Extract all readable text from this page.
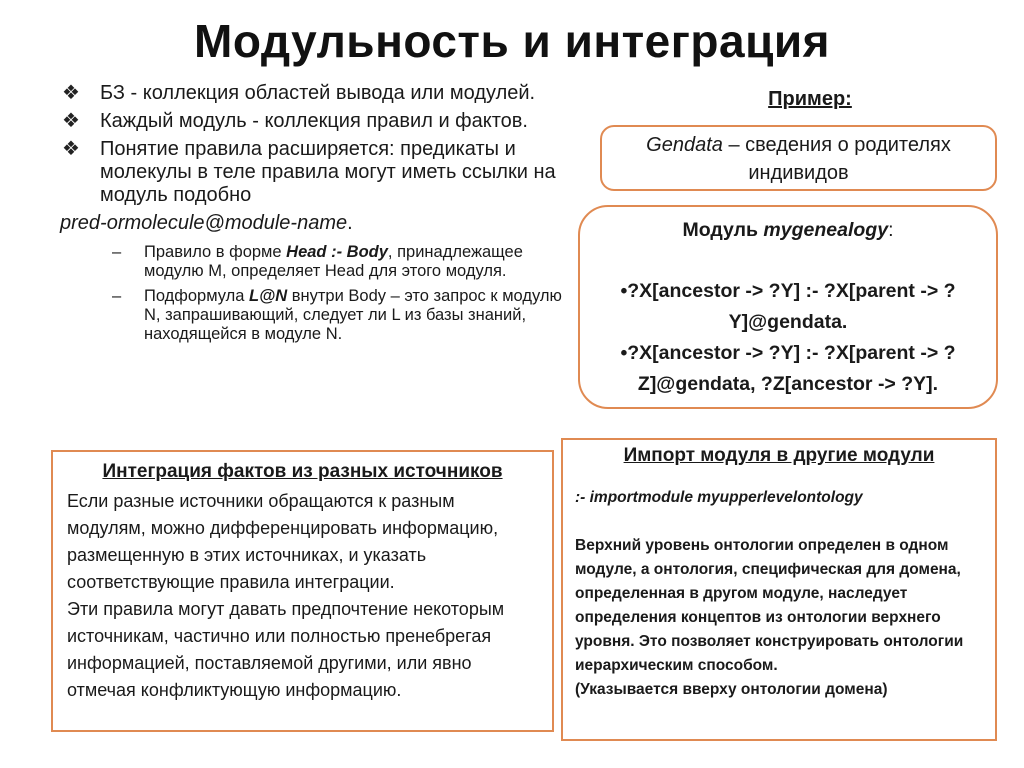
Модульность и интеграция
❖ БЗ - коллекция областей вывода или модулей.
❖ Каждый модуль - коллекция правил и фактов.
❖ Понятие правила расширяется: предикаты и молекулы в теле правила могут иметь ссылки на модуль подобно
pred-ormolecule@module-name.
– Правило в форме Head :- Body, принадлежащее модулю M, определяет Head для этого модуля.
– Подформула L@N внутри Body – это запрос к модулю N, запрашивающий, следует ли L из базы знаний, находящейся в модуле N.
Пример:
Gendata – сведения о родителях индивидов
Модуль mygenealogy:
•?X[ancestor -> ?Y] :- ?X[parent -> ?Y]@gendata.
•?X[ancestor -> ?Y] :- ?X[parent -> ?Z]@gendata, ?Z[ancestor -> ?Y].
Интеграция фактов из разных источников
Если разные источники обращаются к разным модулям, можно дифференцировать информацию, размещенную в этих источниках, и указать соответствующие правила интеграции.
Эти правила могут давать предпочтение некоторым источникам, частично или полностью пренебрегая информацией, поставляемой другими, или явно отмечая конфликтующую информацию.
Импорт модуля в другие модули
:- importmodule myupperlevelontology
Верхний уровень онтологии определен в одном модуле, а онтология, специфическая для домена, определенная в другом модуле, наследует определения концептов из онтологии верхнего уровня. Это позволяет конструировать онтологии иерархическим способом.
(Указывается вверху онтологии домена)
